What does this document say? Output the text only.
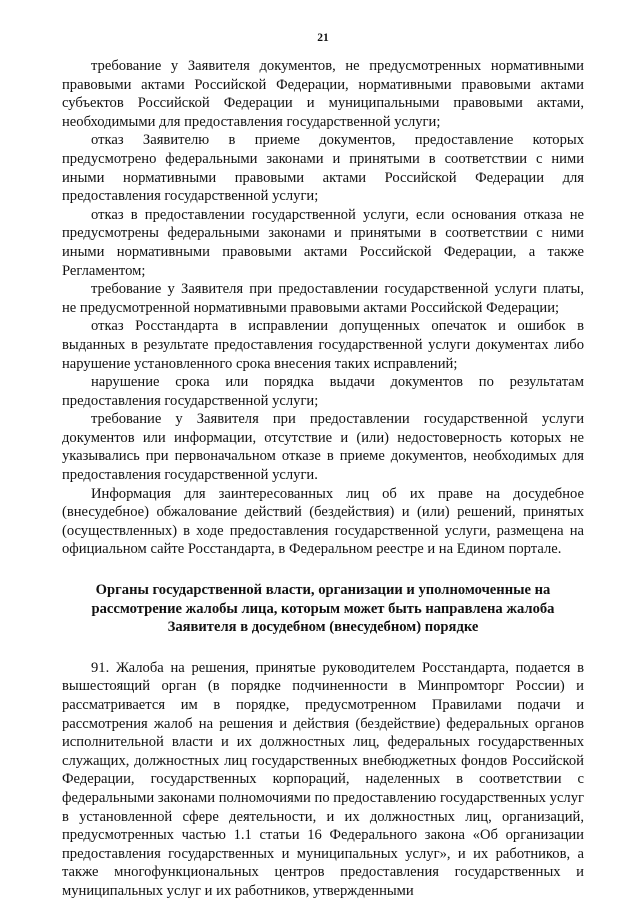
21

требование у Заявителя документов, не предусмотренных нормативными правовыми актами Российской Федерации, нормативными правовыми актами субъектов Российской Федерации и муниципальными правовыми актами, необходимыми для предоставления государственной услуги;

отказ Заявителю в приеме документов, предоставление которых предусмотрено федеральными законами и принятыми в соответствии с ними иными нормативными правовыми актами Российской Федерации для предоставления государственной услуги;

отказ в предоставлении государственной услуги, если основания отказа не предусмотрены федеральными законами и принятыми в соответствии с ними иными нормативными правовыми актами Российской Федерации, а также Регламентом;

требование у Заявителя при предоставлении государственной услуги платы, не предусмотренной нормативными правовыми актами Российской Федерации;

отказ Росстандарта в исправлении допущенных опечаток и ошибок в выданных в результате предоставления государственной услуги документах либо нарушение установленного срока внесения таких исправлений;

нарушение срока или порядка выдачи документов по результатам предоставления государственной услуги;

требование у Заявителя при предоставлении государственной услуги документов или информации, отсутствие и (или) недостоверность которых не указывались при первоначальном отказе в приеме документов, необходимых для предоставления государственной услуги.

Информация для заинтересованных лиц об их праве на досудебное (внесудебное) обжалование действий (бездействия) и (или) решений, принятых (осуществленных) в ходе предоставления государственной услуги, размещена на официальном сайте Росстандарта, в Федеральном реестре и на Едином портале.

Органы государственной власти, организации и уполномоченные на рассмотрение жалобы лица, которым может быть направлена жалоба Заявителя в досудебном (внесудебном) порядке

91. Жалоба на решения, принятые руководителем Росстандарта, подается в вышестоящий орган (в порядке подчиненности в Минпромторг России) и рассматривается им в порядке, предусмотренном Правилами подачи и рассмотрения жалоб на решения и действия (бездействие) федеральных органов исполнительной власти и их должностных лиц, федеральных государственных служащих, должностных лиц государственных внебюджетных фондов Российской Федерации, государственных корпораций, наделенных в соответствии с федеральными законами полномочиями по предоставлению государственных услуг в установленной сфере деятельности, и их должностных лиц, организаций, предусмотренных частью 1.1 статьи 16 Федерального закона «Об организации предоставления государственных и муниципальных услуг», и их работников, а также многофункциональных центров предоставления государственных и муниципальных услуг и их работников, утвержденными
